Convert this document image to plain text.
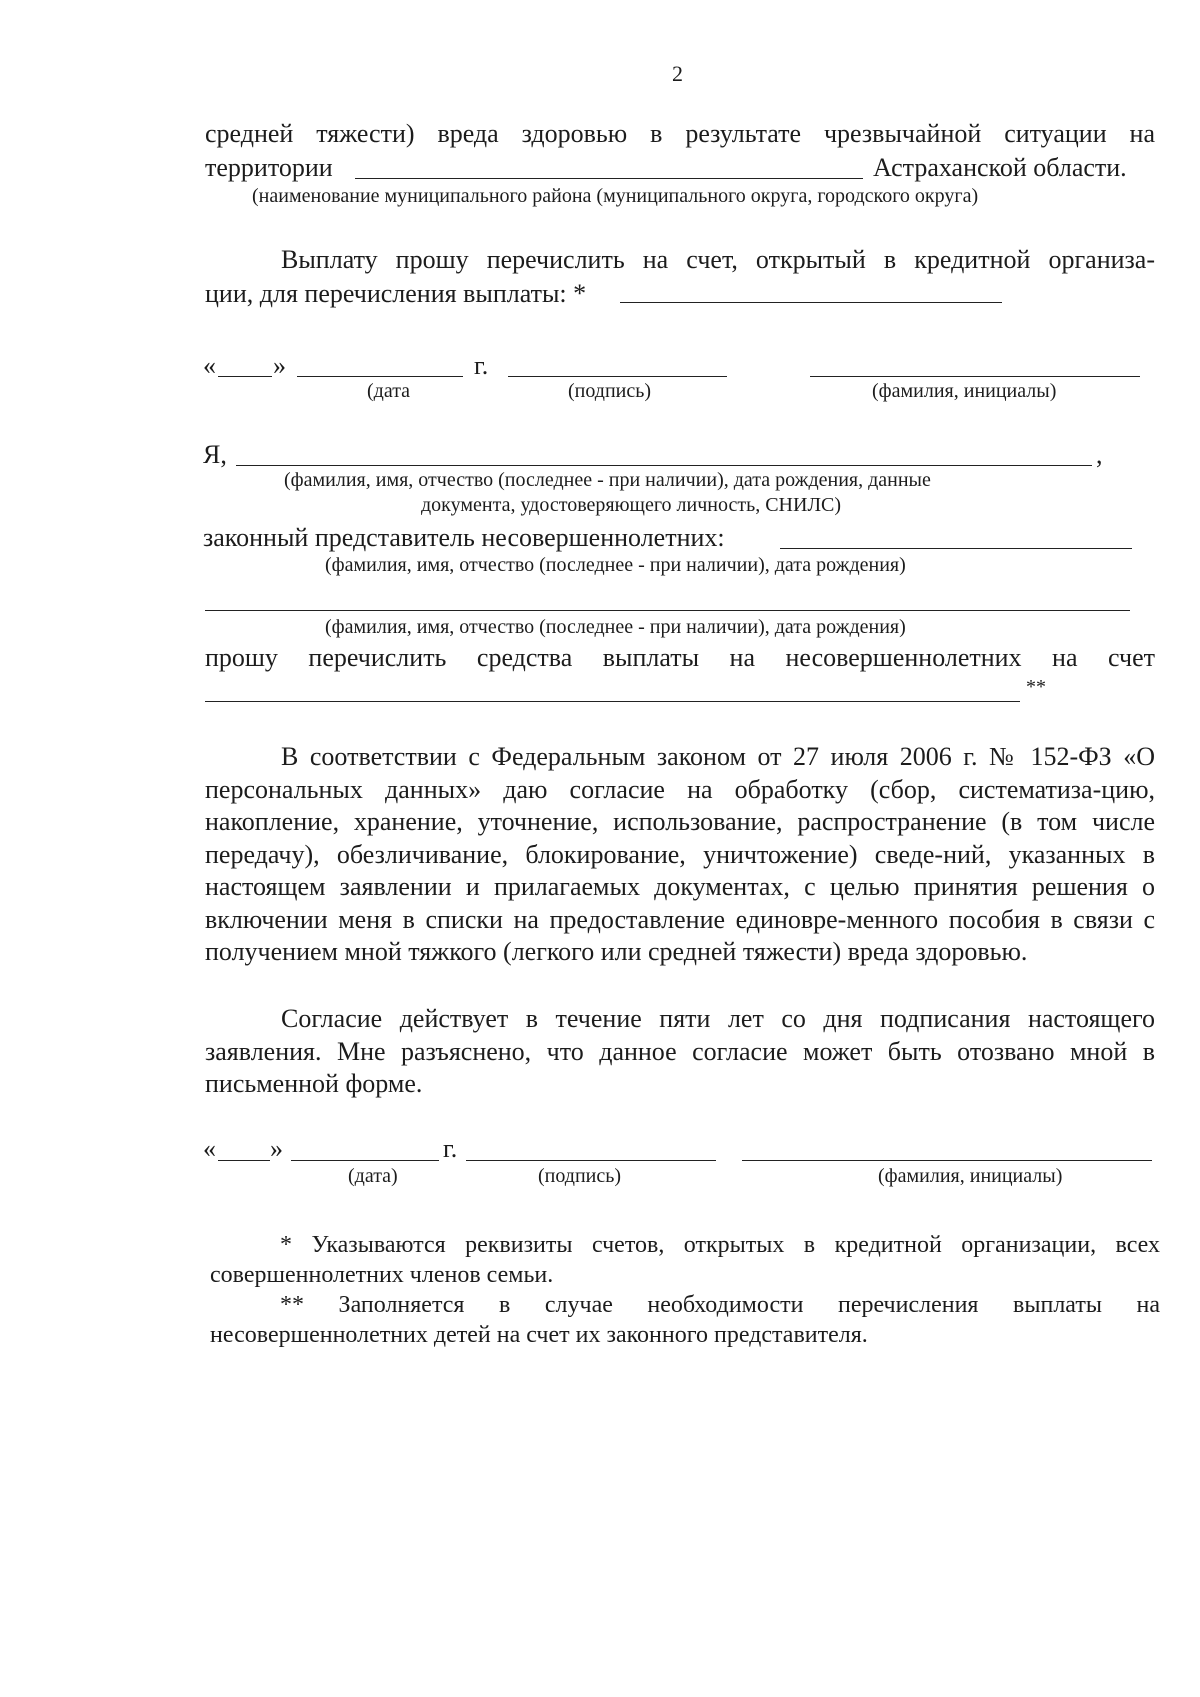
2
средней тяжести) вреда здоровью в результате чрезвычайной ситуации на
территории	Астраханской области.
(наименование муниципального района (муниципального округа, городского округа)
Выплату прошу перечислить на счет, открытый в кредитной организа-
ции, для перечисления выплаты: *
« »	г.
(дата	(подпись)	(фамилия, инициалы)
Я,	,
(фамилия, имя, отчество (последнее - при наличии), дата рождения, данные
документа, удостоверяющего личность, СНИЛС)
законный представитель несовершеннолетних:
(фамилия, имя, отчество (последнее - при наличии), дата рождения)
(фамилия, имя, отчество (последнее - при наличии), дата рождения)
прошу перечислить средства выплаты на несовершеннолетних на счет
**
В соответствии с Федеральным законом от 27 июля 2006 г. № 152-ФЗ «О персональных данных» даю согласие на обработку (сбор, систематиза-цию, накопление, хранение, уточнение, использование, распространение (в том числе передачу), обезличивание, блокирование, уничтожение) сведе-ний, указанных в настоящем заявлении и прилагаемых документах, с целью принятия решения о включении меня в списки на предоставление единовре-менного пособия в связи с получением мной тяжкого (легкого или средней тяжести) вреда здоровью.
Согласие действует в течение пяти лет со дня подписания настоящего заявления. Мне разъяснено, что данное согласие может быть отозвано мной в письменной форме.
« »	г.
(дата)	(подпись)	(фамилия, инициалы)
* Указываются реквизиты счетов, открытых в кредитной организации, всех совершеннолетних членов семьи.
** Заполняется в случае необходимости перечисления выплаты на несовершеннолетних детей на счет их законного представителя.
